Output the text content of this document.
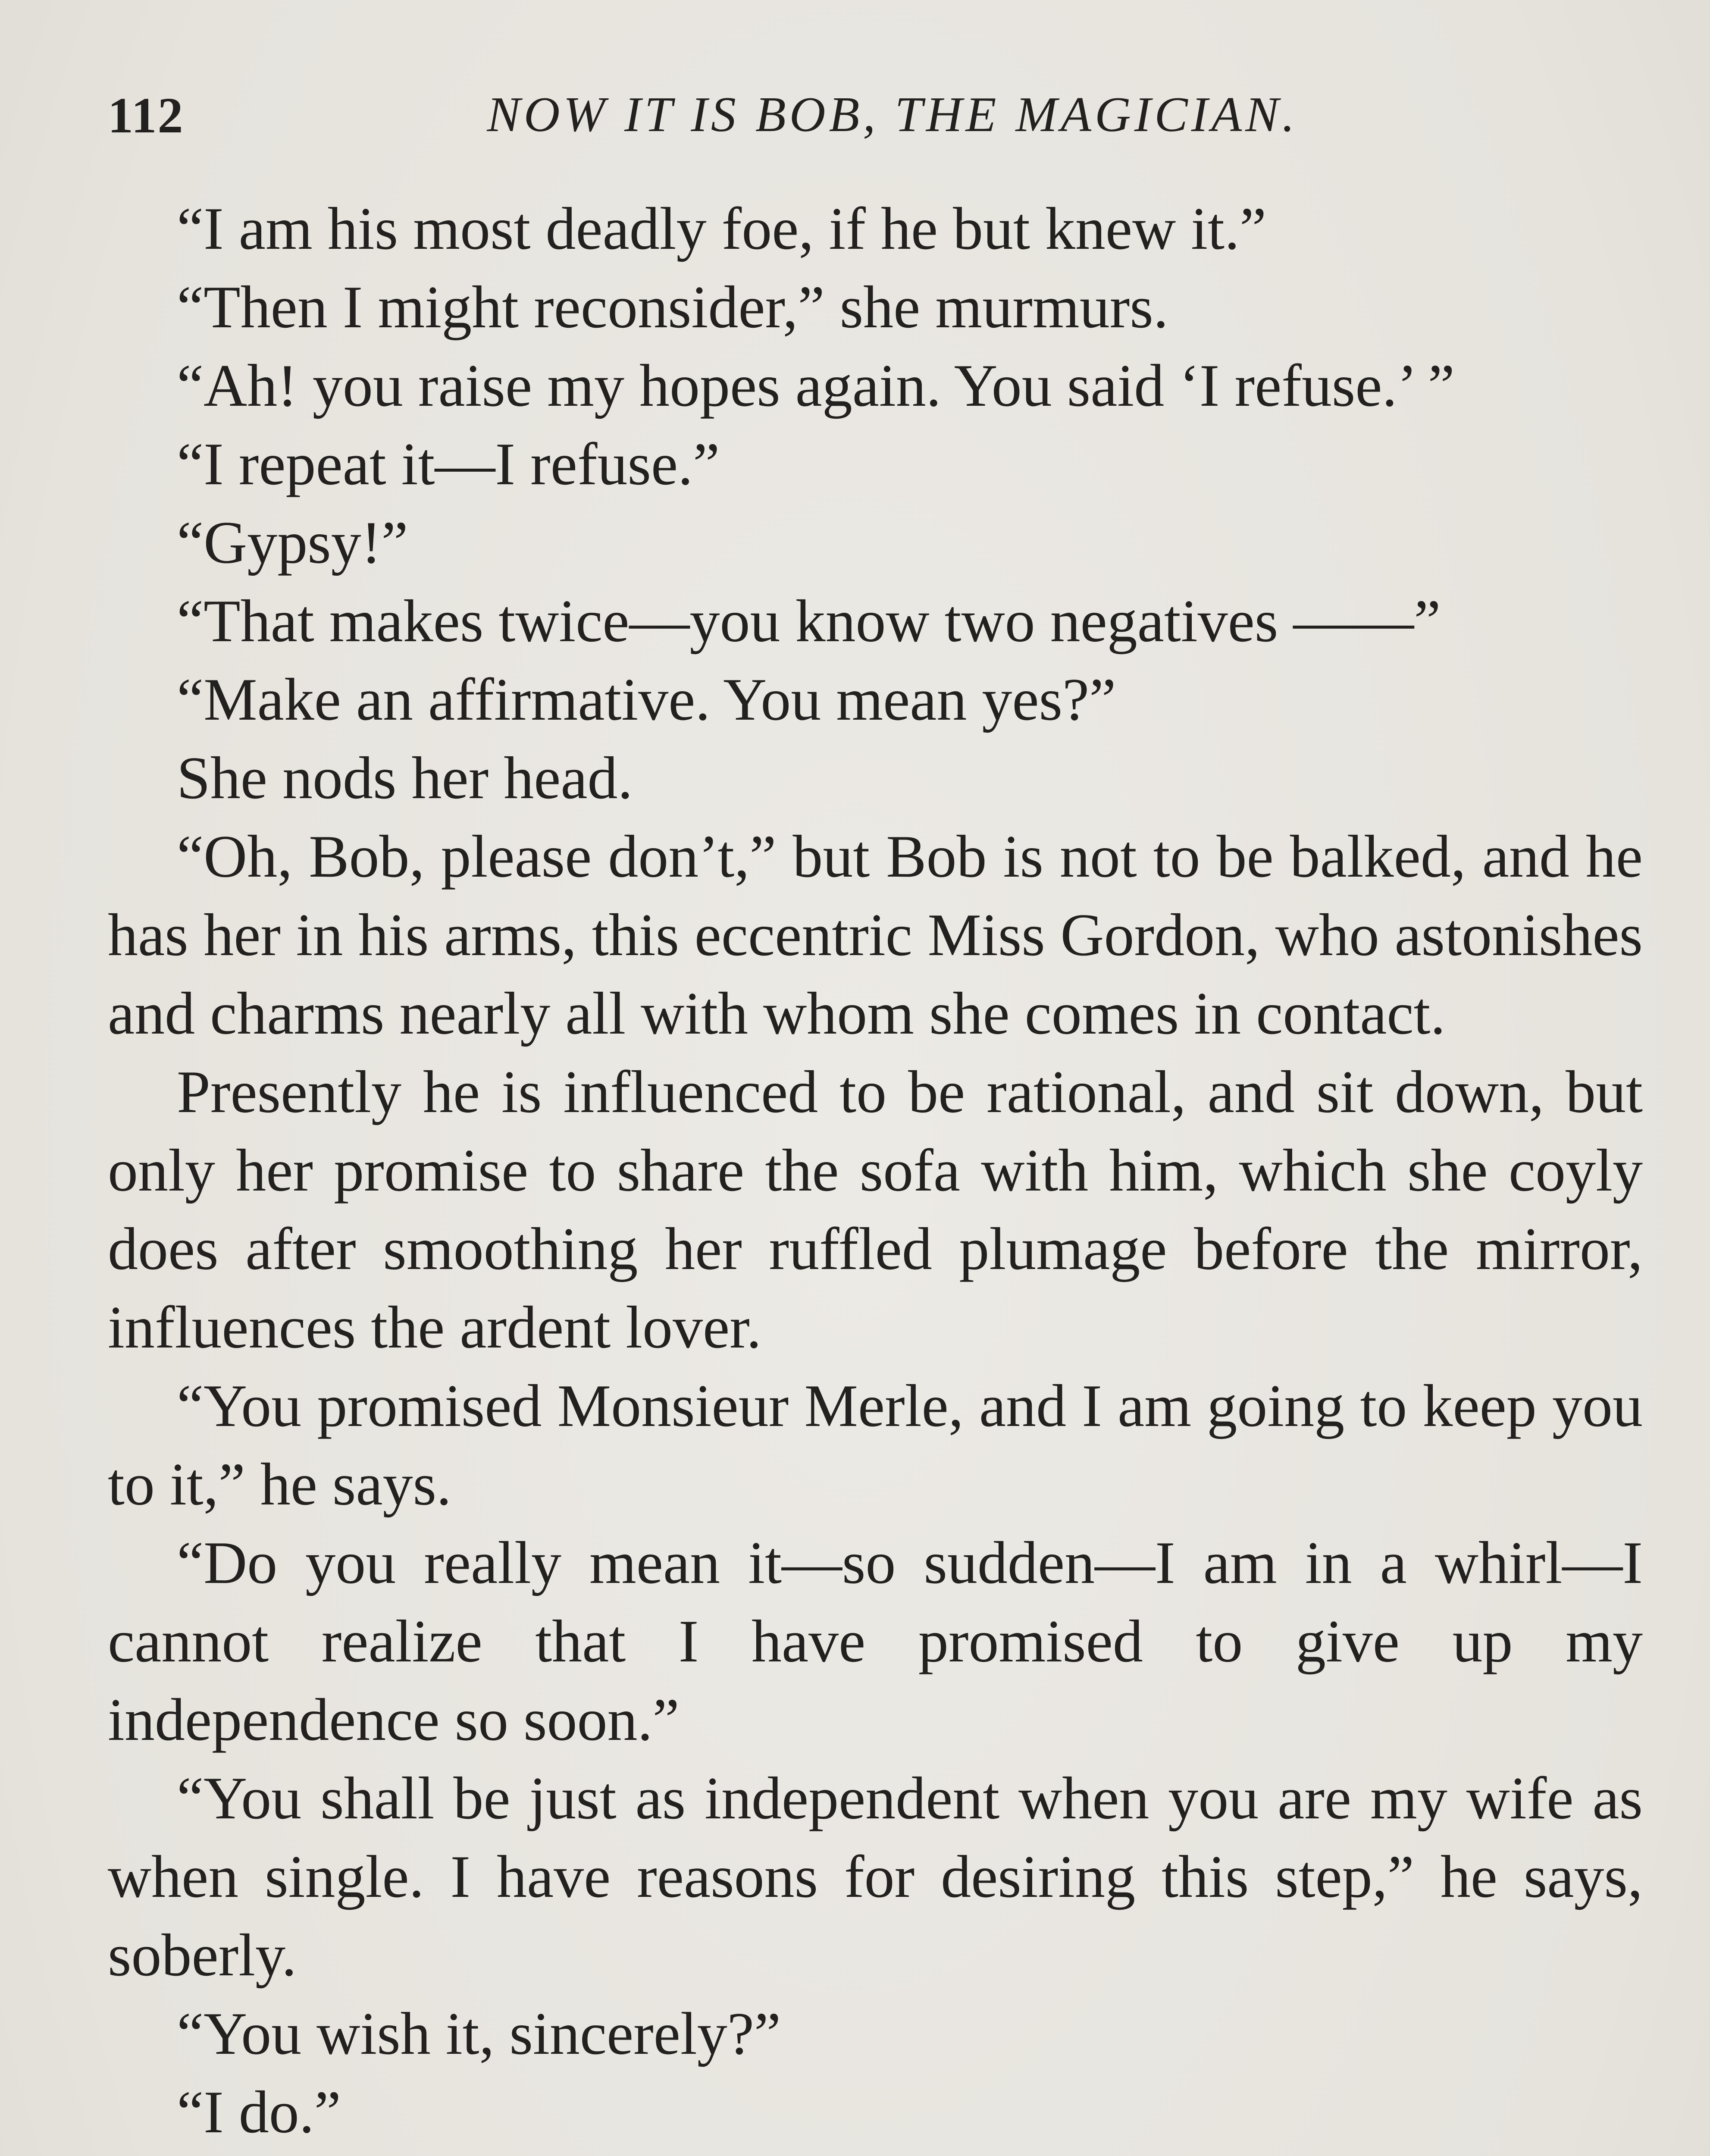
112	NOW IT IS BOB, THE MAGICIAN.

“I am his most deadly foe, if he but knew it.”

“Then I might reconsider,” she murmurs.

“Ah! you raise my hopes again. You said ‘I refuse.’ ”

“I repeat it—I refuse.”

“Gypsy!”

“That makes twice—you know two negatives ——”

“Make an affirmative. You mean yes?”

She nods her head.

“Oh, Bob, please don’t,” but Bob is not to be balked, and he has her in his arms, this eccentric Miss Gordon, who astonishes and charms nearly all with whom she comes in contact.

Presently he is influenced to be rational, and sit down, but only her promise to share the sofa with him, which she coyly does after smoothing her ruffled plumage before the mirror, influences the ardent lover.

“You promised Monsieur Merle, and I am going to keep you to it,” he says.

“Do you really mean it—so sudden—I am in a whirl—I cannot realize that I have promised to give up my independence so soon.”

“You shall be just as independent when you are my wife as when single. I have reasons for desiring this step,” he says, soberly.

“You wish it, sincerely?”

“I do.”
